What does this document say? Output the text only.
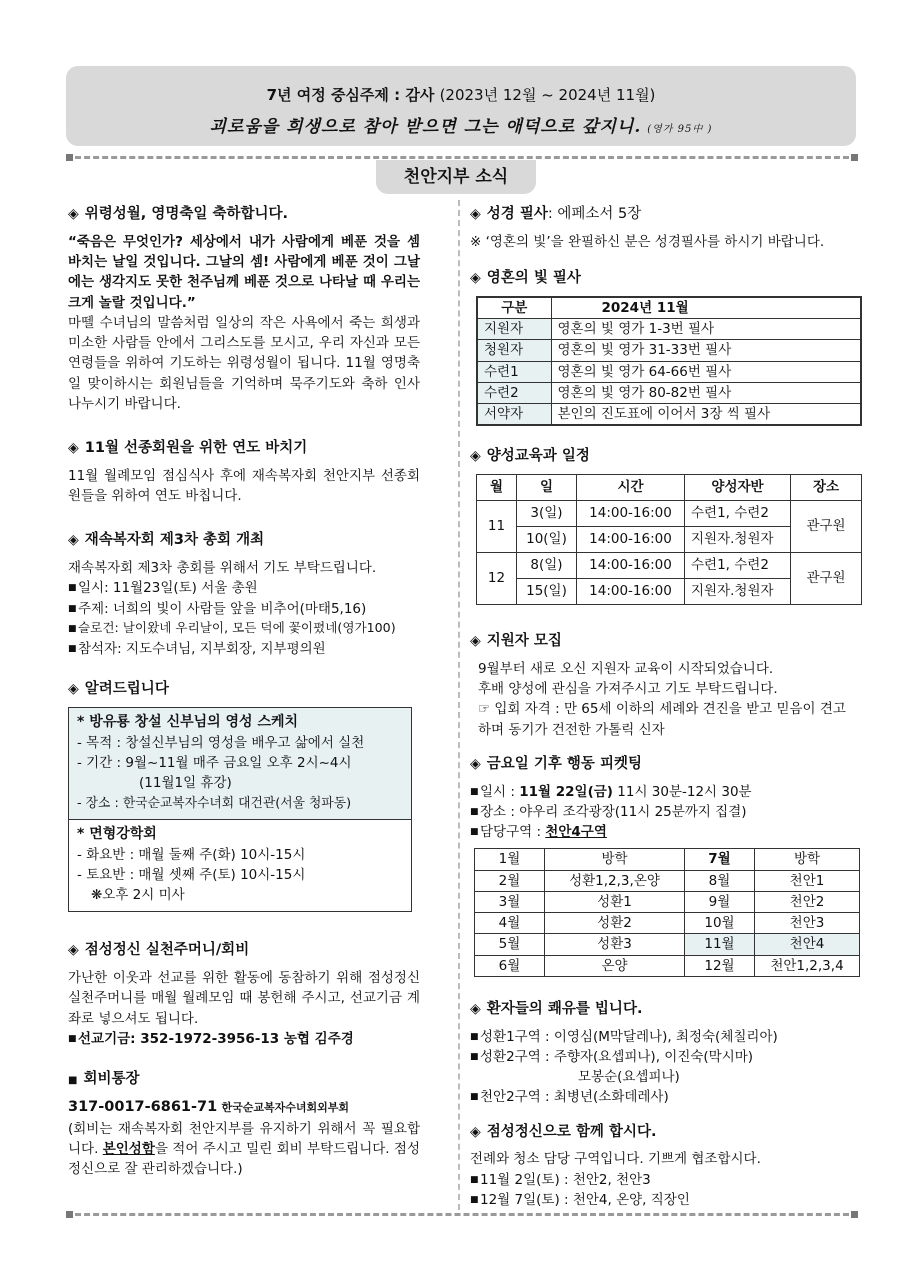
7년 여정 중심주제 : 감사 (2023년 12월 ~ 2024년 11월)
괴로움을 희생으로 참아 받으면 그는 애덕으로 갚지니. (영가 95中 )
천안지부 소식
◈ 위령성월, 영명축일 축하합니다.
“죽음은 무엇인가? 세상에서 내가 사람에게 베푼 것을 셈 바치는 날일 것입니다. 그날의 셈! 사람에게 베푼 것이 그날에는 생각지도 못한 천주님께 베푼 것으로 나타날 때 우리는 크게 놀랄 것입니다.”
마뗄 수녀님의 말씀처럼 일상의 작은 사욕에서 죽는 희생과 미소한 사람들 안에서 그리스도를 모시고, 우리 자신과 모든 연령들을 위하여 기도하는 위령성월이 됩니다. 11월 영명축일 맞이하시는 회원님들을 기억하며 묵주기도와 축하 인사 나누시기 바랍니다.
◈ 11월 선종회원을 위한 연도 바치기
11월 월례모임 점심식사 후에 재속복자회 천안지부 선종회원들을 위하여 연도 바칩니다.
◈ 재속복자회 제3차 총회 개최
재속복자회 제3차 총회를 위해서 기도 부탁드립니다.
■ 일시: 11월23일(토) 서울 총원
■ 주제: 너희의 빛이 사람들 앞을 비추어(마태5,16)
■ 슬로건: 날이왔네 우리날이, 모든 덕에 꽃이폈네(영가100)
■ 참석자: 지도수녀님, 지부회장, 지부평의원
◈ 알려드립니다
* 방유룡 창설 신부님의 영성 스케치
- 목적 : 창설신부님의 영성을 배우고 삶에서 실천
- 기간 : 9월~11월 매주 금요일 오후 2시~4시
(11월1일 휴강)
- 장소 : 한국순교복자수녀회 대건관(서울 청파동)
* 면형강학회
- 화요반 : 매월 둘째 주(화) 10시-15시
- 토요반 : 매월 셋째 주(토) 10시-15시
❋오후 2시 미사
◈ 점성정신 실천주머니/회비
가난한 이웃과 선교를 위한 활동에 동참하기 위해 점성정신 실천주머니를 매월 월례모임 때 봉헌해 주시고, 선교기금 계좌로 넣으셔도 됩니다.
■ 선교기금: 352-1972-3956-13 농협 김주경
■ 회비통장
317-0017-6861-71 한국순교복자수녀회외부회
(회비는 재속복자회 천안지부를 유지하기 위해서 꼭 필요합니다. 본인성함을 적어 주시고 밀린 회비 부탁드립니다. 점성정신으로 잘 관리하겠습니다.)
◈ 성경 필사: 에페소서 5장
※ ‘영혼의 빛’을 완필하신 분은 성경필사를 하시기 바랍니다.
◈ 영혼의 빛 필사
구분	2024년 11월
지원자	영혼의 빛 영가 1-3번 필사
청원자	영혼의 빛 영가 31-33번 필사
수련1	영혼의 빛 영가 64-66번 필사
수련2	영혼의 빛 영가 80-82번 필사
서약자	본인의 진도표에 이어서 3장 씩 필사
◈ 양성교육과 일정
월	일	시간	양성자반	장소
11	3(일)	14:00-16:00	수련1, 수련2	관구원
	10(일)	14:00-16:00	지원자.청원자	
12	8(일)	14:00-16:00	수련1, 수련2	관구원
	15(일)	14:00-16:00	지원자.청원자	
◈ 지원자 모집
9월부터 새로 오신 지원자 교육이 시작되었습니다.
후배 양성에 관심을 가져주시고 기도 부탁드립니다.
☞ 입회 자격 : 만 65세 이하의 세례와 견진을 받고 믿음이 견고하며 동기가 건전한 가톨릭 신자
◈ 금요일 기후 행동 피켓팅
■ 일시 : 11월 22일(금) 11시 30분-12시 30분
■ 장소 : 야우리 조각광장(11시 25분까지 집결)
■ 담당구역 : 천안4구역
1월	방학	7월	방학
2월	성환1,2,3,온양	8월	천안1
3월	성환1	9월	천안2
4월	성환2	10월	천안3
5월	성환3	11월	천안4
6월	온양	12월	천안1,2,3,4
◈ 환자들의 쾌유를 빕니다.
■ 성환1구역 : 이영심(M막달레나), 최정숙(체칠리아)
■ 성환2구역 : 주향자(요셉피나), 이진숙(막시마)
모봉순(요셉피나)
■ 천안2구역 : 최병년(소화데레사)
◈ 점성정신으로 함께 합시다.
전례와 청소 담당 구역입니다. 기쁘게 협조합시다.
■ 11월 2일(토) : 천안2, 천안3
■ 12월 7일(토) : 천안4, 온양, 직장인
